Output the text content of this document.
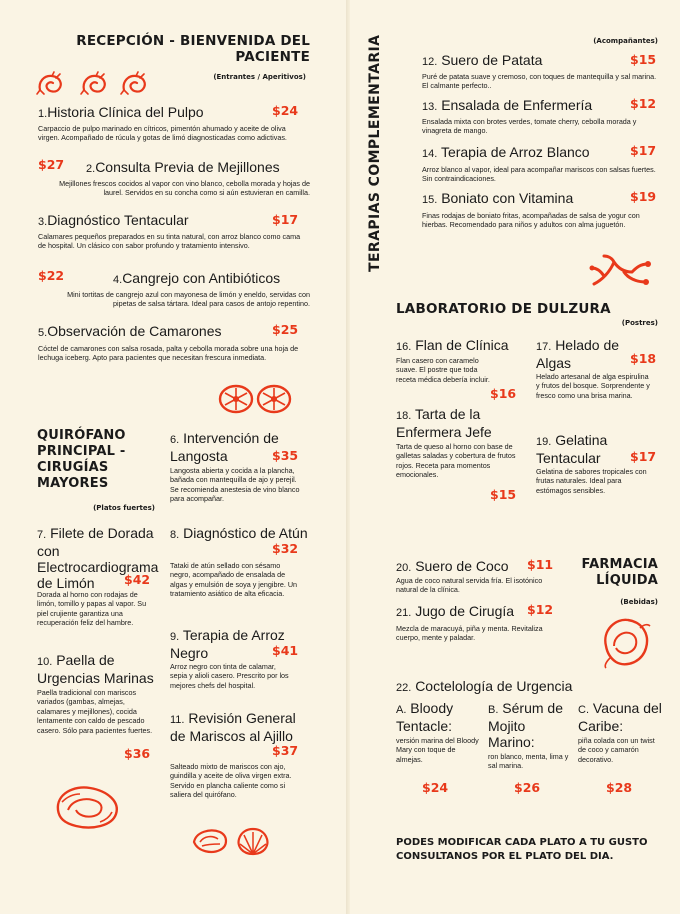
RECEPCIÓN - BIENVENIDA DEL PACIENTE
(Entrantes / Aperitivos)
1.Historia Clínica del Pulpo	$24
Carpaccio de pulpo marinado en cítricos, pimentón ahumado y aceite de oliva virgen. Acompañado de rúcula y gotas de limó diagnosticadas como adictivas.
$27 2.Consulta Previa de Mejillones
Mejillones frescos cocidos al vapor con vino blanco, cebolla morada y hojas de laurel. Servidos en su concha como si aún estuvieran en camilla.
3.Diagnóstico Tentacular	$17
Calamares pequeños preparados en su tinta natural, con arroz blanco como cama de hospital. Un clásico con sabor profundo y tratamiento intensivo.
$22	4.Cangrejo con Antibióticos
Mini tortitas de cangrejo azul con mayonesa de limón y eneldo, servidas con pipetas de salsa tártara. Ideal para casos de antojo repentino.
5.Observación de Camarones	$25
Cóctel de camarones con salsa rosada, palta y cebolla morada sobre una hoja de lechuga iceberg. Apto para pacientes que necesitan frescura inmediata.
QUIRÓFANO PRINCIPAL - CIRUGÍAS MAYORES
(Platos fuertes)
7. Filete de Dorada con Electrocardiograma de Limón	$42
Dorada al horno con rodajas de limón, tomillo y papas al vapor. Su piel crujiente garantiza una recuperación feliz del hambre.
10. Paella de Urgencias Marinas
Paella tradicional con mariscos variados (gambas, almejas, calamares y mejillones), cocida lentamente con caldo de pescado casero. Sólo para pacientes fuertes.
$36
6. Intervención de Langosta	$35
Langosta abierta y cocida a la plancha, bañada con mantequilla de ajo y perejil. Se recomienda anestesia de vino blanco para acompañar.
8. Diagnóstico de Atún
$32
Tataki de atún sellado con sésamo negro, acompañado de ensalada de algas y emulsión de soya y jengibre. Un tratamiento asiático de alta eficacia.
9. Terapia de Arroz Negro	$41
Arroz negro con tinta de calamar, sepia y alioli casero. Prescrito por los mejores chefs del hospital.
11. Revisión General de Mariscos al Ajillo
$37
Salteado mixto de mariscos con ajo, guindilla y aceite de oliva virgen extra. Servido en plancha caliente como si saliera del quirófano.
TERAPIAS COMPLEMENTARIA	(Acompañantes)
12. Suero de Patata	$15
Puré de patata suave y cremoso, con toques de mantequilla y sal marina. El calmante perfecto..
13. Ensalada de Enfermería	$12
Ensalada mixta con brotes verdes, tomate cherry, cebolla morada y vinagreta de mango.
14. Terapia de Arroz Blanco	$17
Arroz blanco al vapor, ideal para acompañar mariscos con salsas fuertes. Sin contraindicaciones.
15. Boniato con Vitamina	$19
Finas rodajas de boniato fritas, acompañadas de salsa de yogur con hierbas. Recomendado para niños y adultos con alma juguetón.
LABORATORIO DE DULZURA
(Postres)
16. Flan de Clínica
Flan casero con caramelo suave. El postre que toda receta médica debería incluir.
$16
18. Tarta de la Enfermera Jefe
Tarta de queso al horno con base de galletas saladas y cobertura de frutos rojos. Receta para momentos emocionales.
$15
17. Helado de Algas	$18
Helado artesanal de alga espirulina y frutos del bosque. Sorprendente y fresco como una brisa marina.
19. Gelatina Tentacular	$17
Gelatina de sabores tropicales con frutas naturales. Ideal para estómagos sensibles.
FARMACIA LÍQUIDA
(Bebidas)
20. Suero de Coco	$11
Agua de coco natural servida fría. El isotónico natural de la clínica.
21. Jugo de Cirugía	$12
Mezcla de maracuyá, piña y menta. Revitaliza cuerpo, mente y paladar.
22. Coctelología de Urgencia
A. Bloody Tentacle:
versión marina del Bloody Mary con toque de almejas.
$24
B. Sérum de Mojito Marino:
ron blanco, menta, lima y sal marina.
$26
C. Vacuna del Caribe:
piña colada con un twist de coco y camarón decorativo.
$28
PODES MODIFICAR CADA PLATO A TU GUSTO CONSULTANOS POR EL PLATO DEL DIA.
